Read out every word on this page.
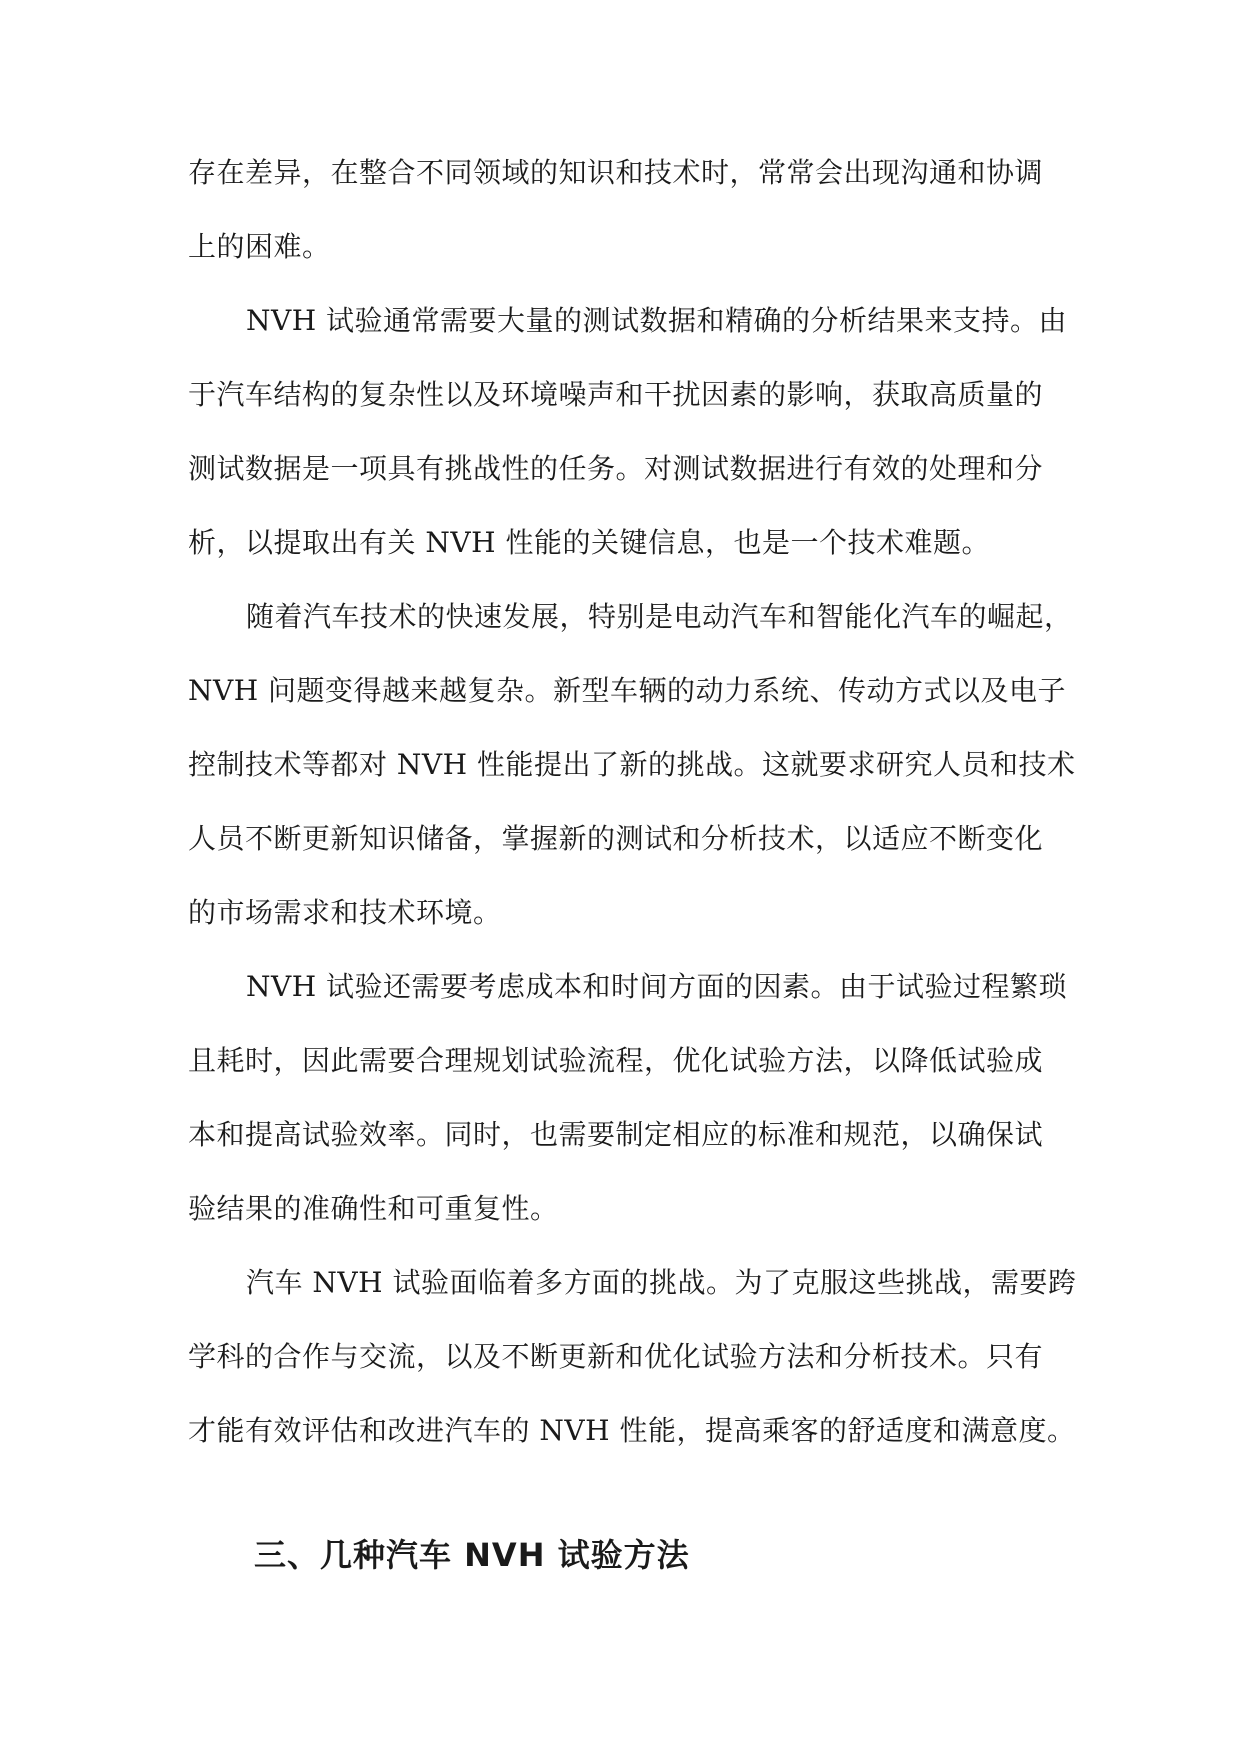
存在差异，在整合不同领域的知识和技术时，常常会出现沟通和协调
上的困难。
NVH 试验通常需要大量的测试数据和精确的分析结果来支持。由
于汽车结构的复杂性以及环境噪声和干扰因素的影响，获取高质量的
测试数据是一项具有挑战性的任务。对测试数据进行有效的处理和分
析，以提取出有关 NVH 性能的关键信息，也是一个技术难题。
随着汽车技术的快速发展，特别是电动汽车和智能化汽车的崛起，
NVH 问题变得越来越复杂。新型车辆的动力系统、传动方式以及电子
控制技术等都对 NVH 性能提出了新的挑战。这就要求研究人员和技术
人员不断更新知识储备，掌握新的测试和分析技术，以适应不断变化
的市场需求和技术环境。
NVH 试验还需要考虑成本和时间方面的因素。由于试验过程繁琐
且耗时，因此需要合理规划试验流程，优化试验方法，以降低试验成
本和提高试验效率。同时，也需要制定相应的标准和规范，以确保试
验结果的准确性和可重复性。
汽车 NVH 试验面临着多方面的挑战。为了克服这些挑战，需要跨
学科的合作与交流，以及不断更新和优化试验方法和分析技术。只有
才能有效评估和改进汽车的 NVH 性能，提高乘客的舒适度和满意度。
三、几种汽车 NVH 试验方法
